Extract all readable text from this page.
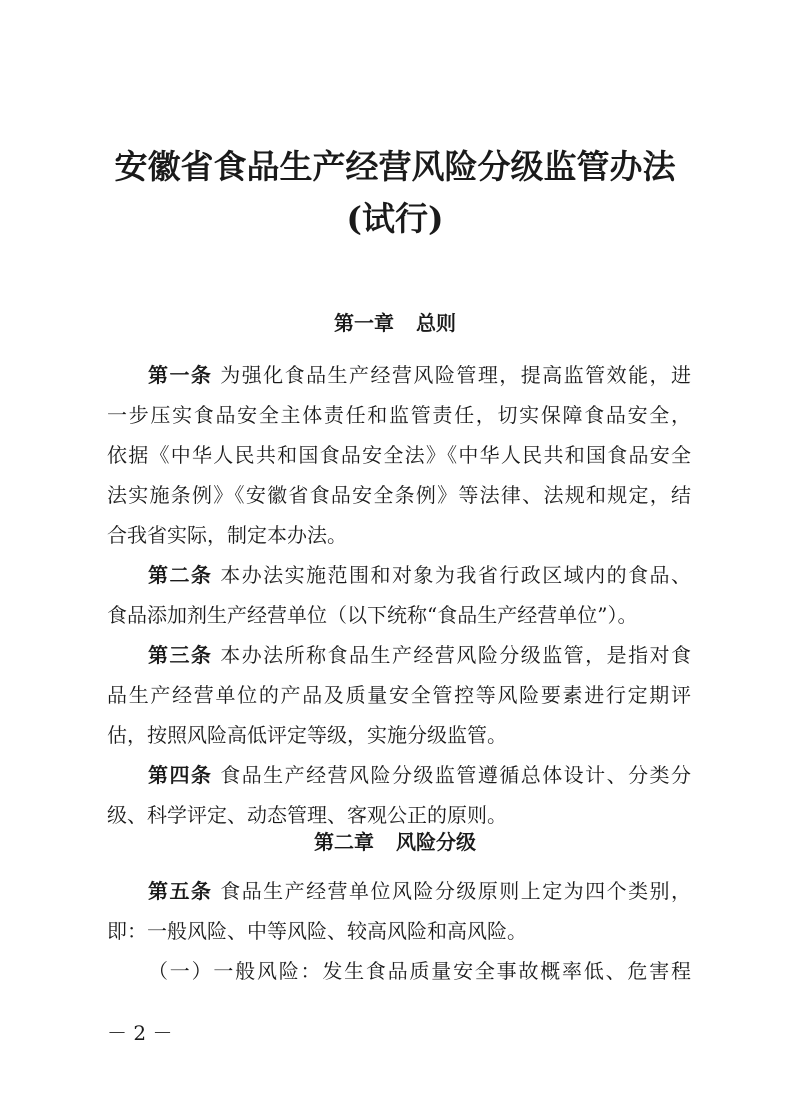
安徽省食品生产经营风险分级监管办法
(试行)
第一章 总则
第一条 为强化食品生产经营风险管理，提高监管效能，进
一步压实食品安全主体责任和监管责任，切实保障食品安全，
依据《中华人民共和国食品安全法》《中华人民共和国食品安全
法实施条例》《安徽省食品安全条例》等法律、法规和规定，结
合我省实际，制定本办法。
第二条 本办法实施范围和对象为我省行政区域内的食品、
食品添加剂生产经营单位（以下统称“食品生产经营单位”）。
第三条 本办法所称食品生产经营风险分级监管，是指对食
品生产经营单位的产品及质量安全管控等风险要素进行定期评
估，按照风险高低评定等级，实施分级监管。
第四条 食品生产经营风险分级监管遵循总体设计、分类分
级、科学评定、动态管理、客观公正的原则。
第二章 风险分级
第五条 食品生产经营单位风险分级原则上定为四个类别，
即：一般风险、中等风险、较高风险和高风险。
（一）一般风险：发生食品质量安全事故概率低、危害程
－ 2 －
